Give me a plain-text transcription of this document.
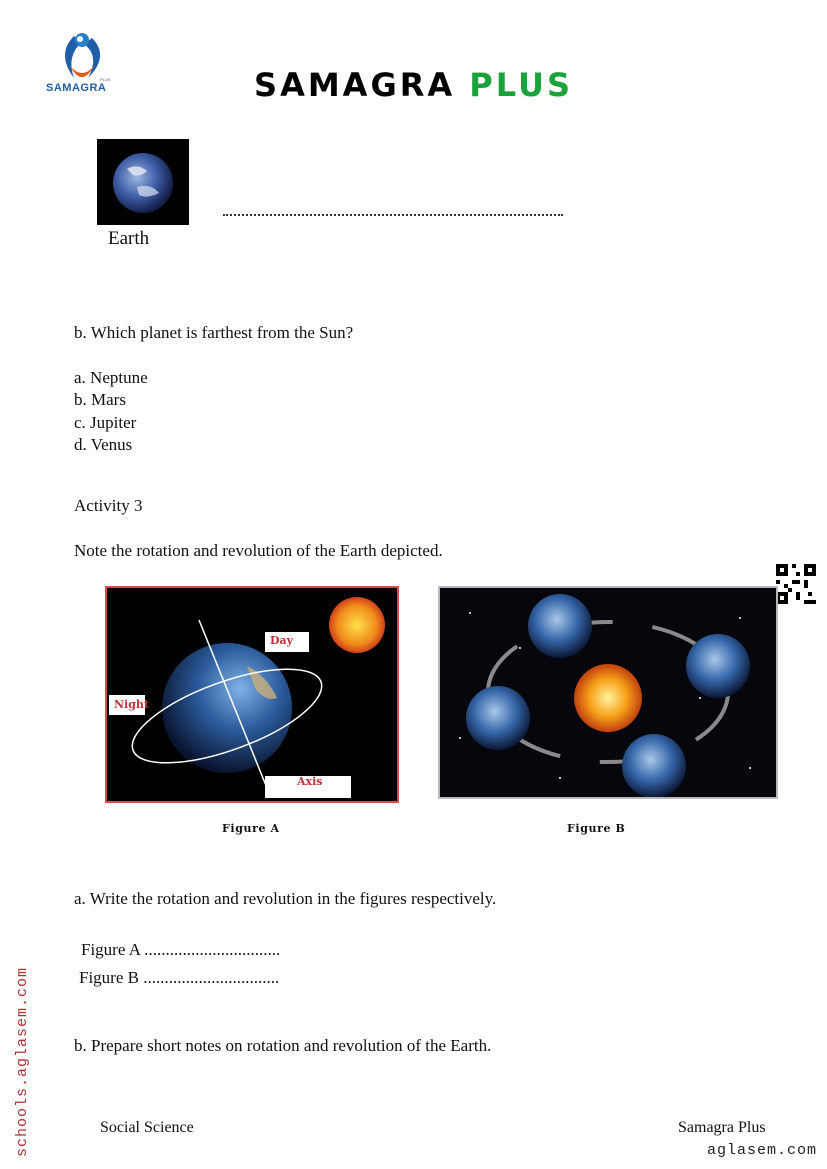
PLUS
SAMAGRA	SAMAGRA PLUS
Earth
b. Which planet is farthest from the Sun?
a. Neptune
b. Mars
c. Jupiter
d. Venus
Activity 3
Note the rotation and revolution of the Earth depicted.
Day
Night
Axis
Figure A	Figure B
a. Write the rotation and revolution in the figures respectively.
Figure A ................................
Figure B ................................
b. Prepare short notes on rotation and revolution of the Earth.
Social Science	Samagra Plus
schools.aglasem.com	aglasem.com
